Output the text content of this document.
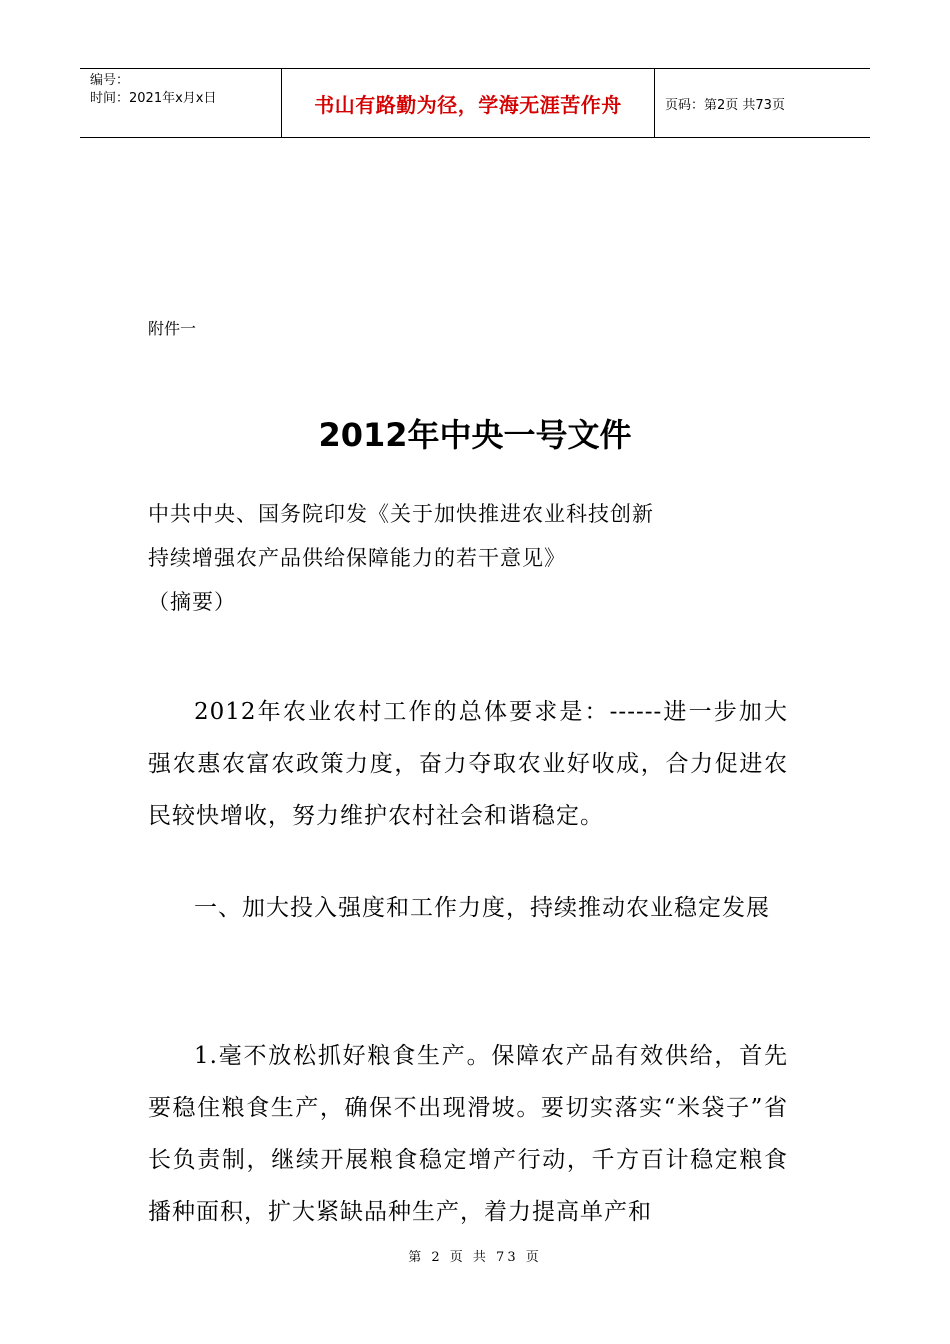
编号：
时间：2021年x月x日	书山有路勤为径，学海无涯苦作舟	页码：第2页 共73页
附件一
2012年中央一号文件
中共中央、国务院印发《关于加快推进农业科技创新
持续增强农产品供给保障能力的若干意见》
（摘要）

2012年农业农村工作的总体要求是：------进一步加大强农惠农富农政策力度，奋力夺取农业好收成，合力促进农民较快增收，努力维护农村社会和谐稳定。

一、加大投入强度和工作力度，持续推动农业稳定发展

1.毫不放松抓好粮食生产。保障农产品有效供给，首先要稳住粮食生产，确保不出现滑坡。要切实落实“米袋子”省长负责制，继续开展粮食稳定增产行动，千方百计稳定粮食播种面积，扩大紧缺品种生产，着力提高单产和

第 2 页 共 73 页
